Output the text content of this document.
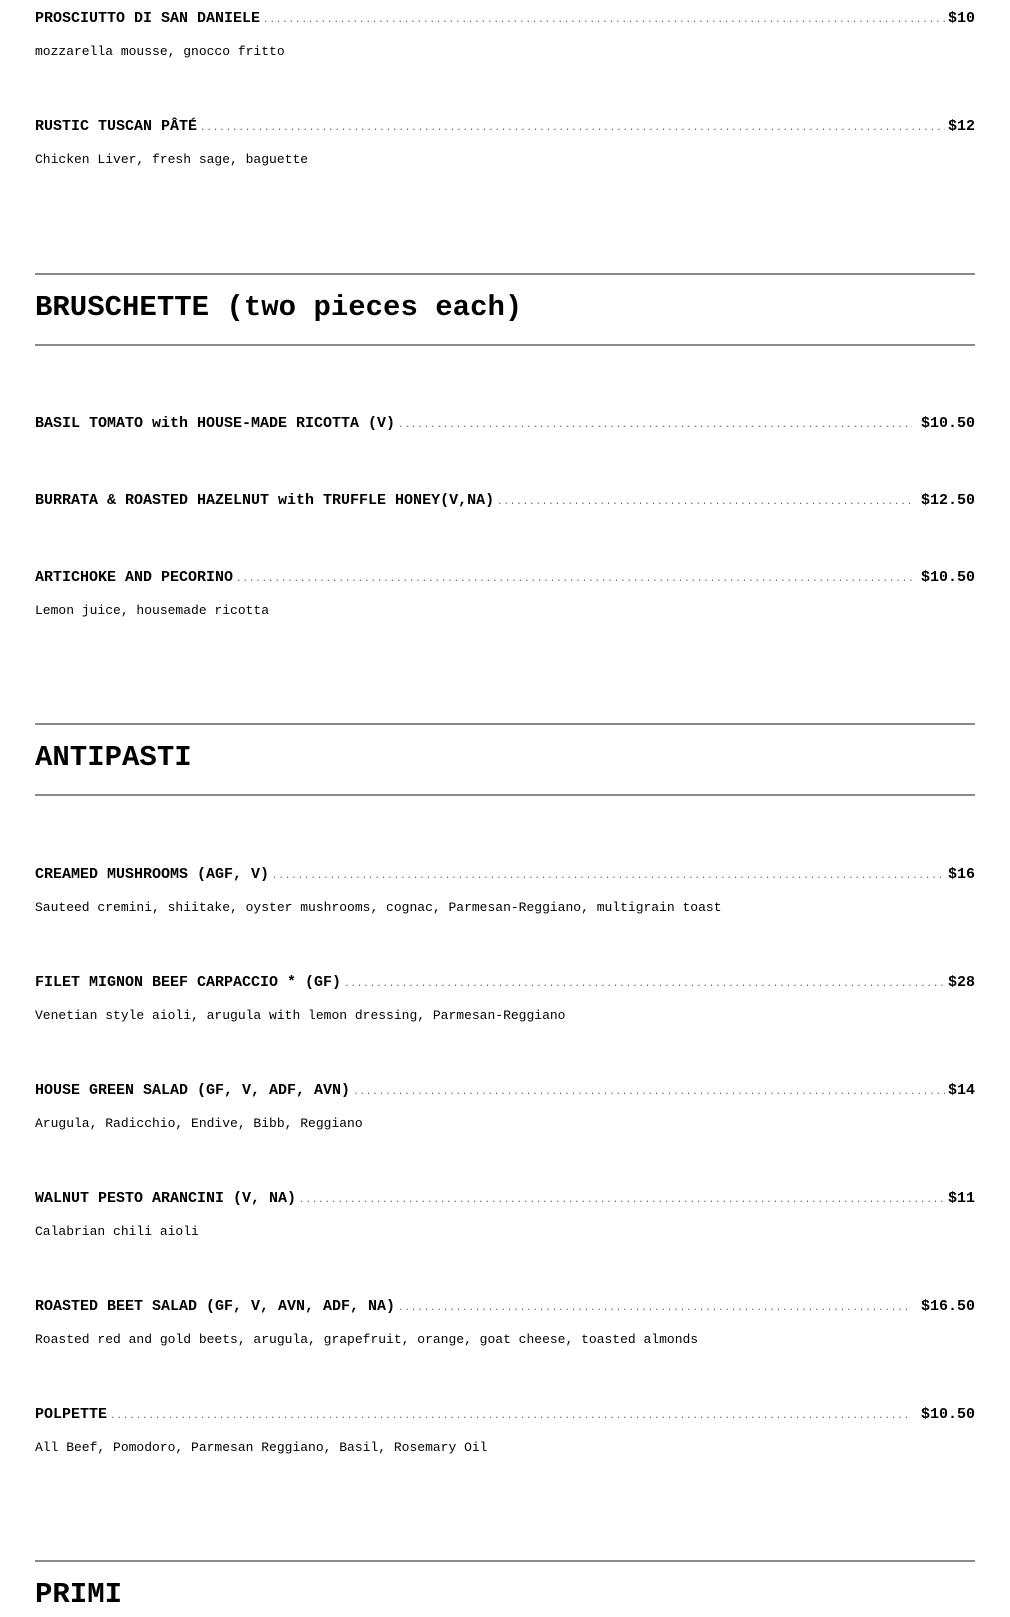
PROSCIUTTO DI SAN DANIELE .....	$10
mozzarella mousse, gnocco fritto
RUSTIC TUSCAN PÂTÉ .....	$12
Chicken Liver, fresh sage, baguette
BRUSCHETTE (two pieces each)
BASIL TOMATO with HOUSE-MADE RICOTTA (V) .....	$10.50
BURRATA & ROASTED HAZELNUT with TRUFFLE HONEY(V,NA) .....	$12.50
ARTICHOKE AND PECORINO .....	$10.50
Lemon juice, housemade ricotta
ANTIPASTI
CREAMED MUSHROOMS (AGF, V) .....	$16
Sauteed cremini, shiitake, oyster mushrooms, cognac, Parmesan-Reggiano, multigrain toast
FILET MIGNON BEEF CARPACCIO * (GF) .....	$28
Venetian style aioli, arugula with lemon dressing, Parmesan-Reggiano
HOUSE GREEN SALAD (GF, V, ADF, AVN) .....	$14
Arugula, Radicchio, Endive, Bibb, Reggiano
WALNUT PESTO ARANCINI (V, NA) .....	$11
Calabrian chili aioli
ROASTED BEET SALAD (GF, V, AVN, ADF, NA) .....	$16.50
Roasted red and gold beets, arugula, grapefruit, orange, goat cheese, toasted almonds
POLPETTE .....	$10.50
All Beef, Pomodoro, Parmesan Reggiano, Basil, Rosemary Oil
PRIMI
